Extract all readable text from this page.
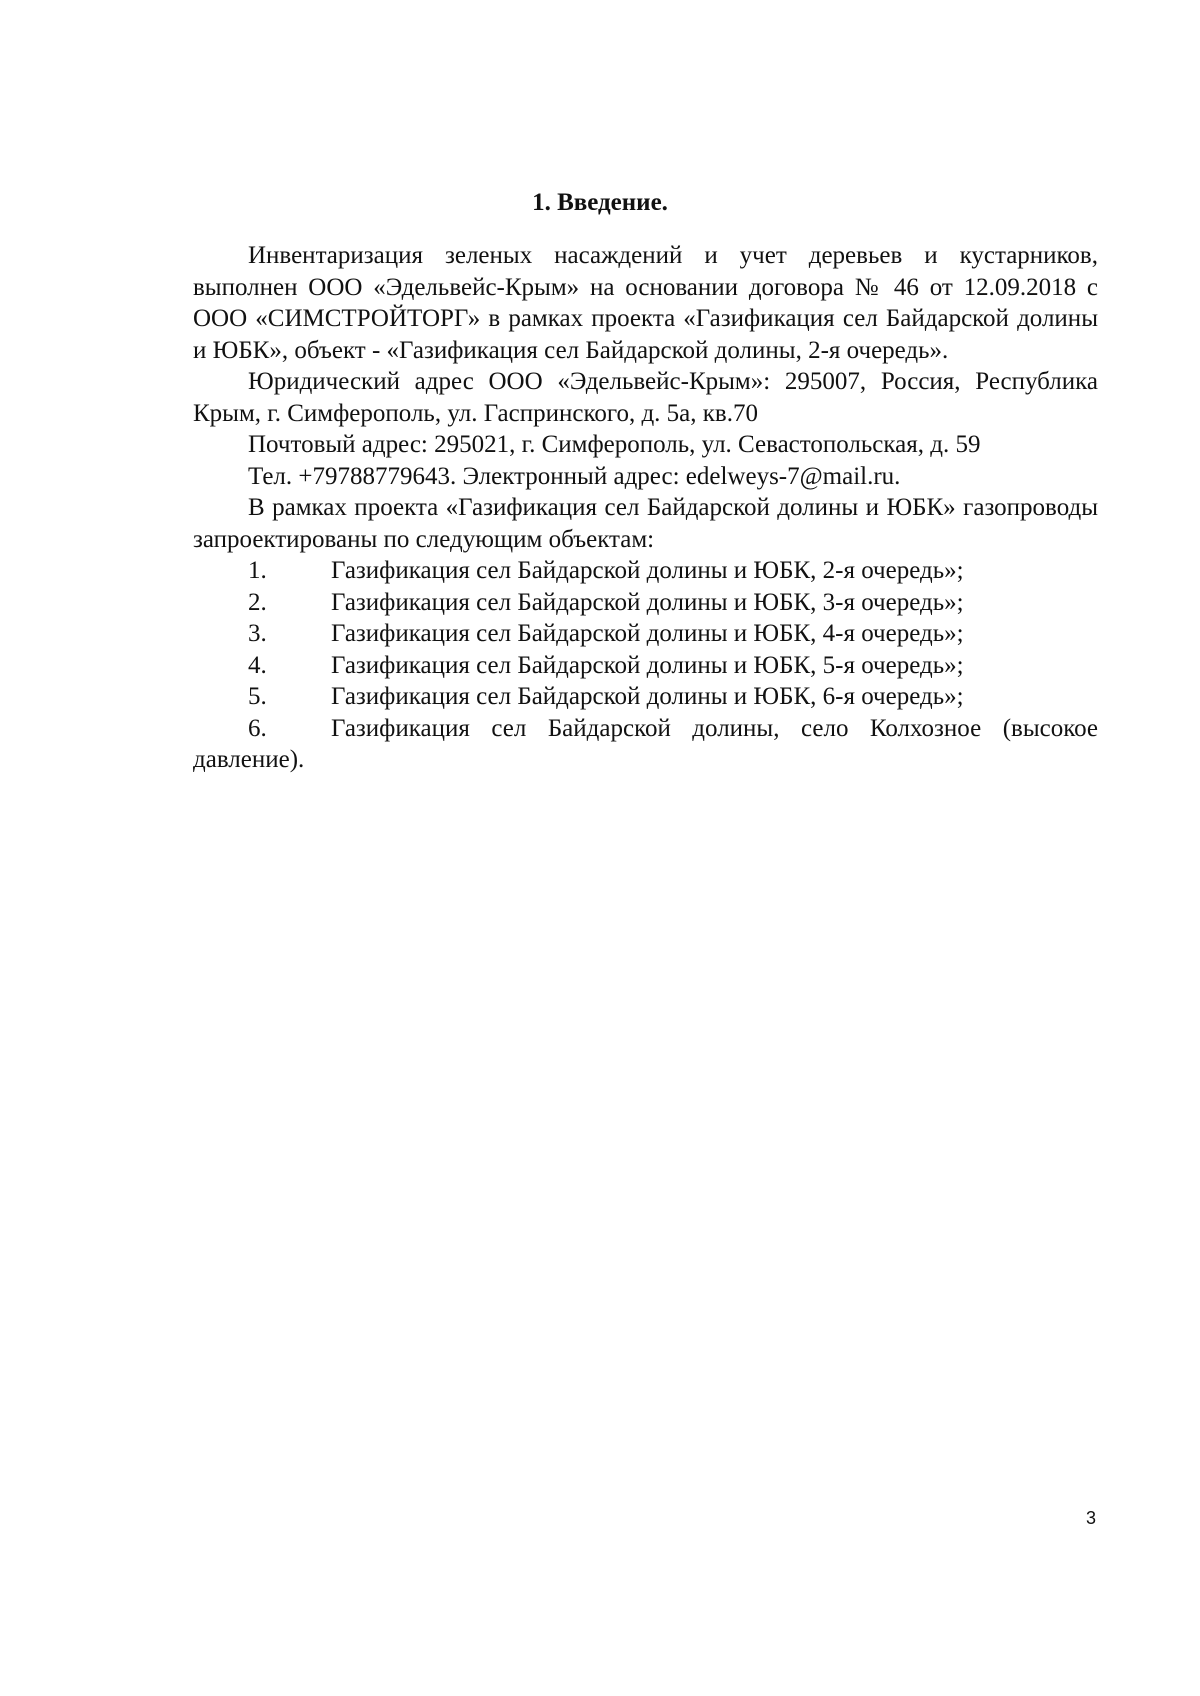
1. Введение.

Инвентаризация зеленых насаждений и учет деревьев и кустарников, выполнен ООО «Эдельвейс-Крым» на основании договора № 46 от 12.09.2018 с ООО «СИМСТРОЙТОРГ» в рамках проекта «Газификация сел Байдарской долины и ЮБК», объект - «Газификация сел Байдарской долины, 2-я очередь».

Юридический адрес ООО «Эдельвейс-Крым»: 295007, Россия, Республика Крым, г. Симферополь, ул. Гаспринского, д. 5а, кв.70

Почтовый адрес: 295021, г. Симферополь, ул. Севастопольская, д. 59

Тел. +79788779643. Электронный адрес: edelweys-7@mail.ru.

В рамках проекта «Газификация сел Байдарской долины и ЮБК» газопроводы запроектированы по следующим объектам:

1.	Газификация сел Байдарской долины и ЮБК, 2-я очередь»;

2.	Газификация сел Байдарской долины и ЮБК, 3-я очередь»;

3.	Газификация сел Байдарской долины и ЮБК, 4-я очередь»;

4.	Газификация сел Байдарской долины и ЮБК, 5-я очередь»;

5.	Газификация сел Байдарской долины и ЮБК, 6-я очередь»;

6.	Газификация сел Байдарской долины, село Колхозное (высокое давление).

3
